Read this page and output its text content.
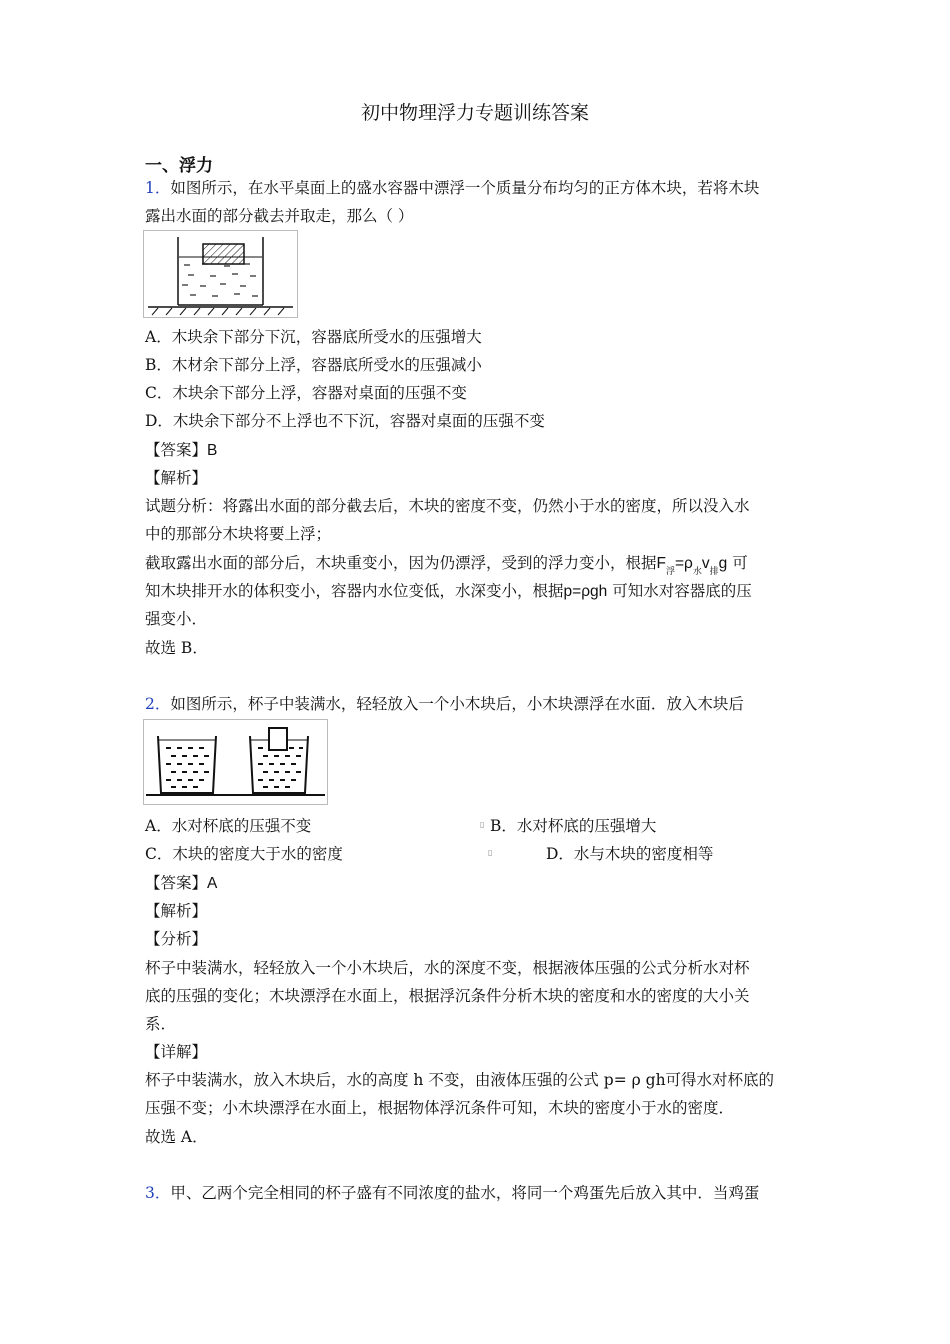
初中物理浮力专题训练答案
一、浮力
1．如图所示，在水平桌面上的盛水容器中漂浮一个质量分布均匀的正方体木块，若将木块
露出水面的部分截去并取走，那么（ ）
A．木块余下部分下沉，容器底所受水的压强增大
B．木材余下部分上浮，容器底所受水的压强减小
C．木块余下部分上浮，容器对桌面的压强不变
D．木块余下部分不上浮也不下沉，容器对桌面的压强不变
【答案】B
【解析】
试题分析：将露出水面的部分截去后，木块的密度不变，仍然小于水的密度，所以没入水
中的那部分木块将要上浮；
截取露出水面的部分后，木块重变小，因为仍漂浮，受到的浮力变小，根据$F_浮=\rho_水v_排g$ 可
知木块排开水的体积变小，容器内水位变低，水深变小，根据p=ρgh 可知水对容器底的压
强变小．
故选 B．
2．如图所示，杯子中装满水，轻轻放入一个小木块后，小木块漂浮在水面．放入木块后
A．水对杯底的压强不变	▯ B．水对杯底的压强增大
C．木块的密度大于水的密度	▯	D．水与木块的密度相等
【答案】A
【解析】
【分析】
杯子中装满水，轻轻放入一个小木块后，水的深度不变，根据液体压强的公式分析水对杯
底的压强的变化；木块漂浮在水面上，根据浮沉条件分析木块的密度和水的密度的大小关
系．
【详解】
杯子中装满水，放入木块后，水的高度 h 不变，由液体压强的公式 p= ρ gh可得水对杯底的
压强不变；小木块漂浮在水面上，根据物体浮沉条件可知，木块的密度小于水的密度．
故选 A．
3．甲、乙两个完全相同的杯子盛有不同浓度的盐水，将同一个鸡蛋先后放入其中．当鸡蛋
